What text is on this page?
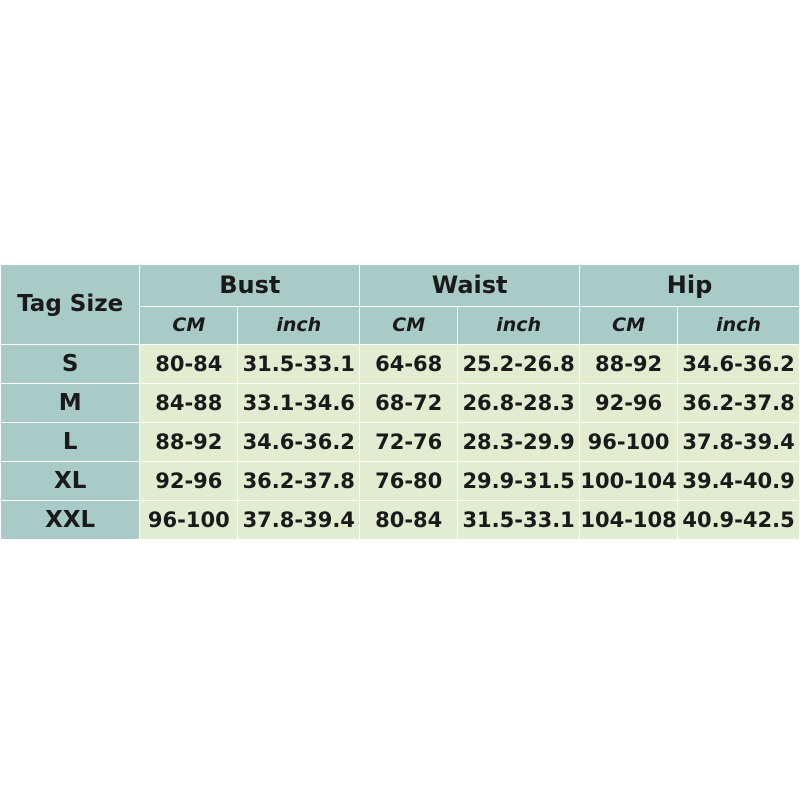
Tag Size	Bust		Waist		Hip	
	CM	inch	CM	inch	CM	inch
S	80-84	31.5-33.1	64-68	25.2-26.8	88-92	34.6-36.2
M	84-88	33.1-34.6	68-72	26.8-28.3	92-96	36.2-37.8
L	88-92	34.6-36.2	72-76	28.3-29.9	96-100	37.8-39.4
XL	92-96	36.2-37.8	76-80	29.9-31.5	100-104	39.4-40.9
XXL	96-100	37.8-39.4	80-84	31.5-33.1	104-108	40.9-42.5
